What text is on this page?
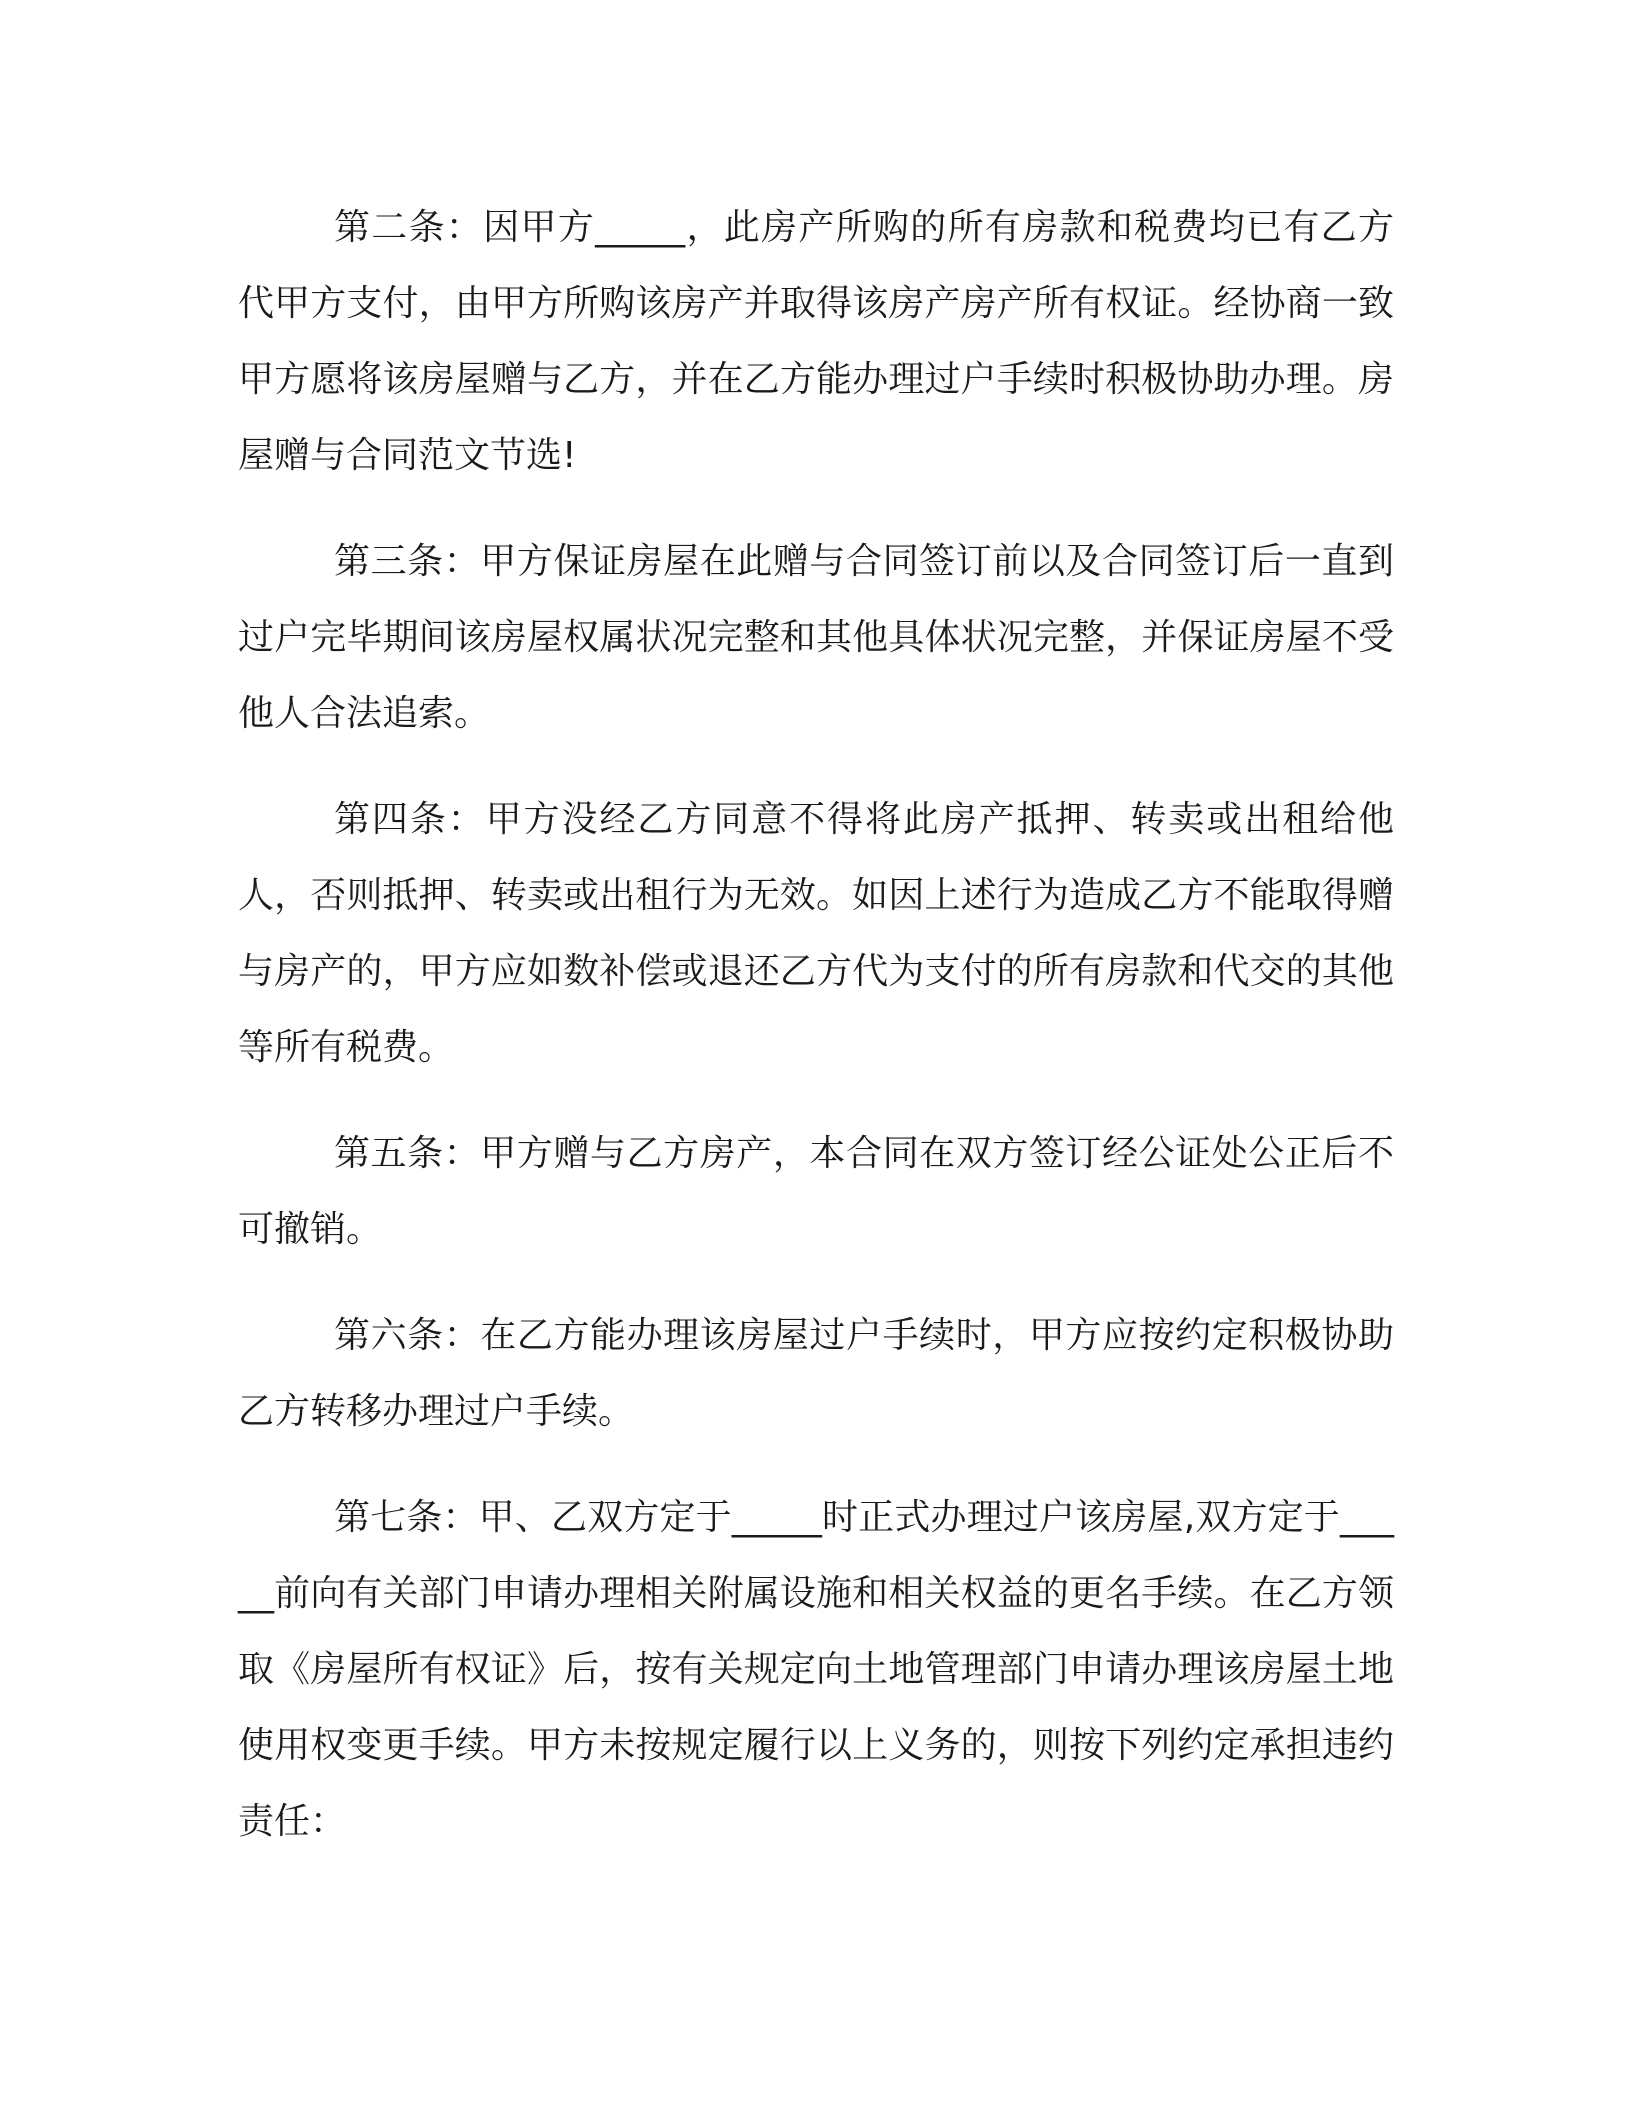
第二条：因甲方_____，此房产所购的所有房款和税费均已有乙方代甲方支付，由甲方所购该房产并取得该房产房产所有权证。经协商一致甲方愿将该房屋赠与乙方，并在乙方能办理过户手续时积极协助办理。房屋赠与合同范文节选!

第三条：甲方保证房屋在此赠与合同签订前以及合同签订后一直到过户完毕期间该房屋权属状况完整和其他具体状况完整，并保证房屋不受他人合法追索。

第四条：甲方没经乙方同意不得将此房产抵押、转卖或出租给他人，否则抵押、转卖或出租行为无效。如因上述行为造成乙方不能取得赠与房产的，甲方应如数补偿或退还乙方代为支付的所有房款和代交的其他等所有税费。

第五条：甲方赠与乙方房产，本合同在双方签订经公证处公正后不可撤销。

第六条：在乙方能办理该房屋过户手续时，甲方应按约定积极协助乙方转移办理过户手续。

第七条：甲、乙双方定于_____时正式办理过户该房屋,双方定于_____前向有关部门申请办理相关附属设施和相关权益的更名手续。在乙方领取《房屋所有权证》后，按有关规定向土地管理部门申请办理该房屋土地使用权变更手续。甲方未按规定履行以上义务的，则按下列约定承担违约责任：
